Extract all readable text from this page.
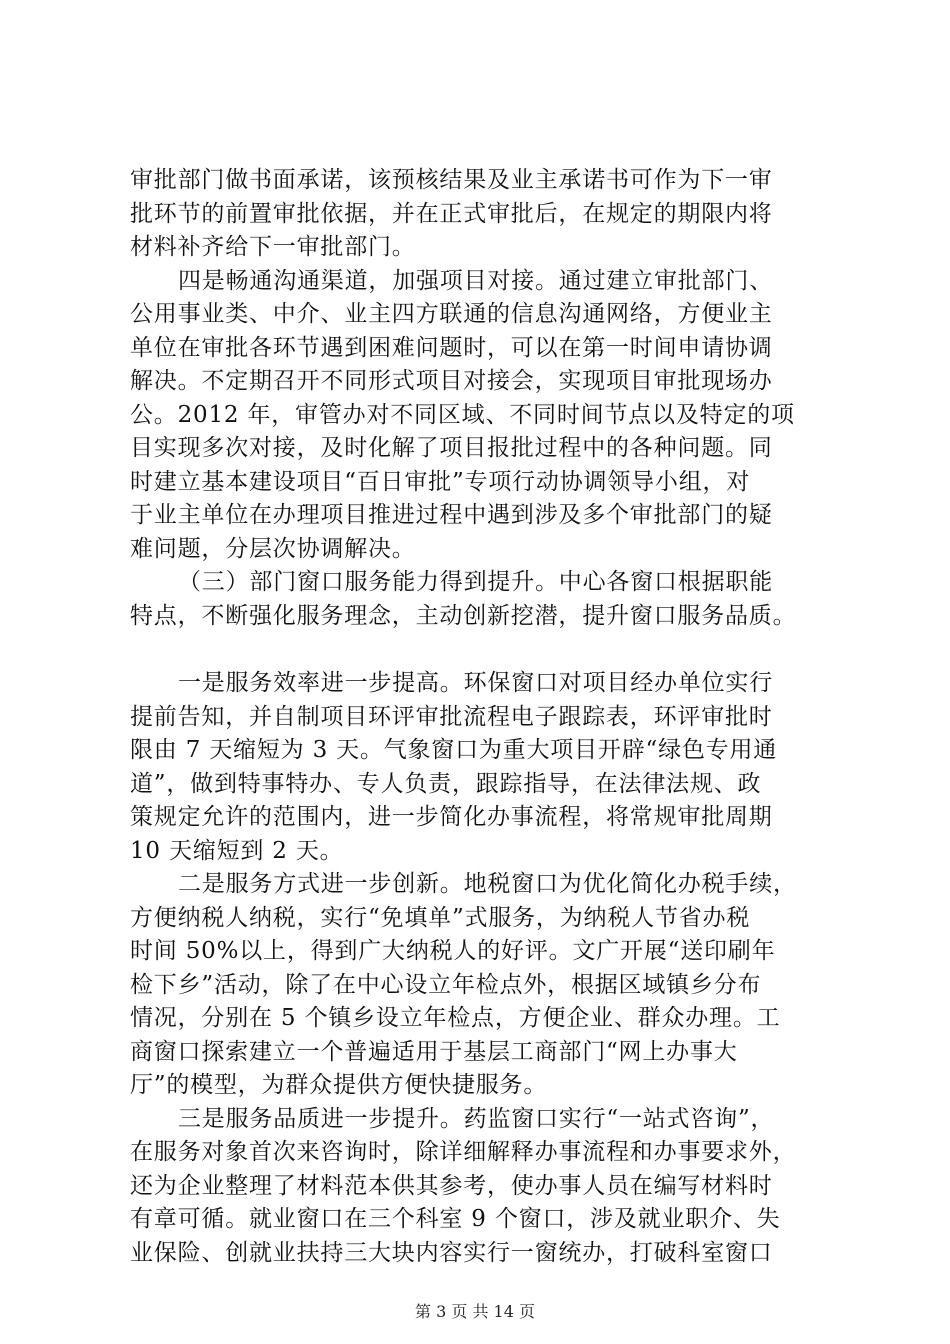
审批部门做书面承诺，该预核结果及业主承诺书可作为下一审
批环节的前置审批依据，并在正式审批后，在规定的期限内将
材料补齐给下一审批部门。
四是畅通沟通渠道，加强项目对接。通过建立审批部门、
公用事业类、中介、业主四方联通的信息沟通网络，方便业主
单位在审批各环节遇到困难问题时，可以在第一时间申请协调
解决。不定期召开不同形式项目对接会，实现项目审批现场办
公。2012 年，审管办对不同区域、不同时间节点以及特定的项
目实现多次对接，及时化解了项目报批过程中的各种问题。同
时建立基本建设项目“百日审批”专项行动协调领导小组，对
于业主单位在办理项目推进过程中遇到涉及多个审批部门的疑
难问题，分层次协调解决。
（三）部门窗口服务能力得到提升。中心各窗口根据职能
特点，不断强化服务理念，主动创新挖潜，提升窗口服务品质。
一是服务效率进一步提高。环保窗口对项目经办单位实行
提前告知，并自制项目环评审批流程电子跟踪表，环评审批时
限由 7 天缩短为 3 天。气象窗口为重大项目开辟“绿色专用通
道”，做到特事特办、专人负责，跟踪指导，在法律法规、政
策规定允许的范围内，进一步简化办事流程，将常规审批周期
10 天缩短到 2 天。
二是服务方式进一步创新。地税窗口为优化简化办税手续，
方便纳税人纳税，实行“免填单”式服务，为纳税人节省办税
时间 50%以上，得到广大纳税人的好评。文广开展“送印刷年
检下乡”活动，除了在中心设立年检点外，根据区域镇乡分布
情况，分别在 5 个镇乡设立年检点，方便企业、群众办理。工
商窗口探索建立一个普遍适用于基层工商部门“网上办事大
厅”的模型，为群众提供方便快捷服务。
三是服务品质进一步提升。药监窗口实行“一站式咨询”，
在服务对象首次来咨询时，除详细解释办事流程和办事要求外，
还为企业整理了材料范本供其参考，使办事人员在编写材料时
有章可循。就业窗口在三个科室 9 个窗口，涉及就业职介、失
业保险、创就业扶持三大块内容实行一窗统办，打破科室窗口
第 3 页 共 14 页
